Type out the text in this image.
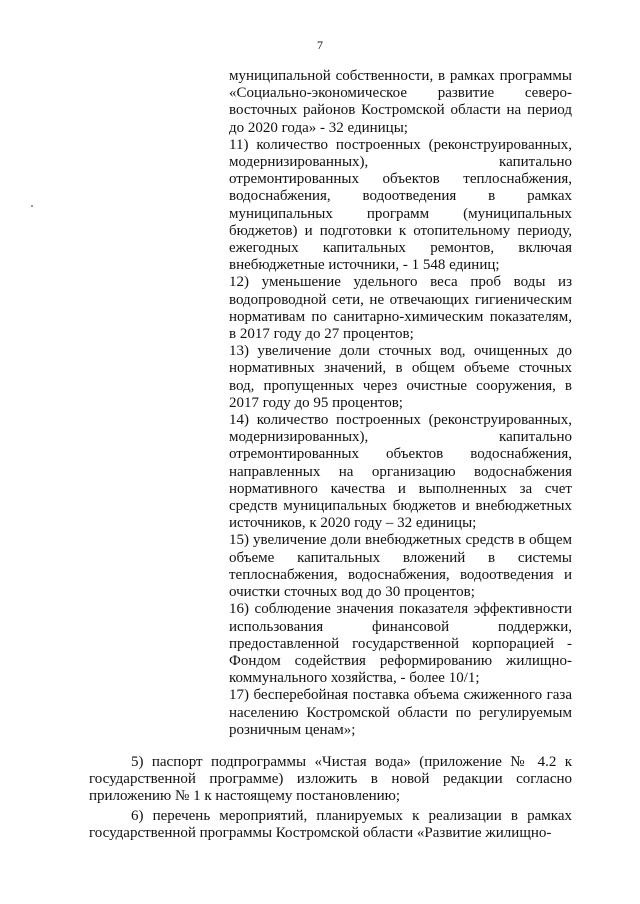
7

муниципальной собственности, в рамках программы «Социально-экономическое развитие северо-восточных районов Костромской области на период до 2020 года» - 32 единицы;

11) количество построенных (реконструированных, модернизированных), капитально отремонтированных объектов теплоснабжения, водоснабжения, водоотведения в рамках муниципальных программ (муниципальных бюджетов) и подготовки к отопительному периоду, ежегодных капитальных ремонтов, включая внебюджетные источники, - 1 548 единиц;

12) уменьшение удельного веса проб воды из водопроводной сети, не отвечающих гигиеническим нормативам по санитарно-химическим показателям, в 2017 году до 27 процентов;

13) увеличение доли сточных вод, очищенных до нормативных значений, в общем объеме сточных вод, пропущенных через очистные сооружения, в 2017 году до 95 процентов;

14) количество построенных (реконструированных, модернизированных), капитально отремонтированных объектов водоснабжения, направленных на организацию водоснабжения нормативного качества и выполненных за счет средств муниципальных бюджетов и внебюджетных источников, к 2020 году – 32 единицы;

15) увеличение доли внебюджетных средств в общем объеме капитальных вложений в системы теплоснабжения, водоснабжения, водоотведения и очистки сточных вод до 30 процентов;

16) соблюдение значения показателя эффективности использования финансовой поддержки, предоставленной государственной корпорацией - Фондом содействия реформированию жилищно-коммунального хозяйства, - более 10/1;

17) бесперебойная поставка объема сжиженного газа населению Костромской области по регулируемым розничным ценам»;

5) паспорт подпрограммы «Чистая вода» (приложение № 4.2 к государственной программе) изложить в новой редакции согласно приложению № 1 к настоящему постановлению;

6) перечень мероприятий, планируемых к реализации в рамках государственной программы Костромской области «Развитие жилищно-
